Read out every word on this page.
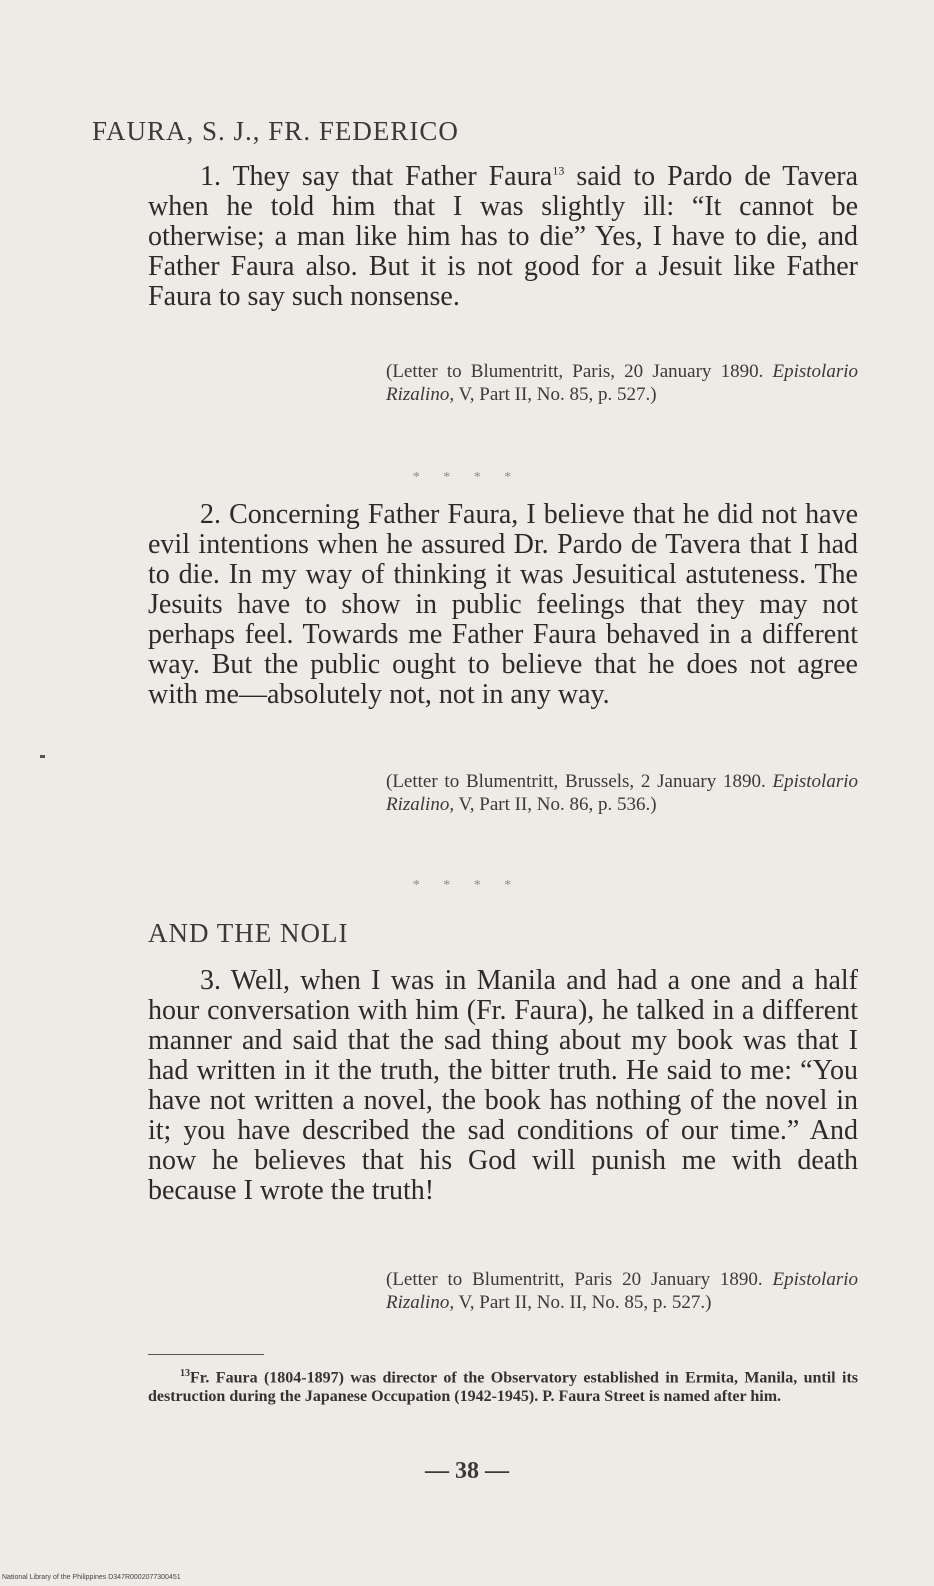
FAURA, S. J., FR. FEDERICO
1. They say that Father Faura$^{13}$ said to Pardo de Tavera when he told him that I was slightly ill: “It cannot be otherwise; a man like him has to die” Yes, I have to die, and Father Faura also. But it is not good for a Jesuit like Father Faura to say such nonsense.
(Letter to Blumentritt, Paris, 20 January 1890. Epistolario Rizalino, V, Part II, No. 85, p. 527.)
* * * *
2. Concerning Father Faura, I believe that he did not have evil intentions when he assured Dr. Pardo de Tavera that I had to die. In my way of thinking it was Jesuitical astuteness. The Jesuits have to show in public feelings that they may not perhaps feel. Towards me Father Faura behaved in a different way. But the public ought to believe that he does not agree with me—absolutely not, not in any way.
(Letter to Blumentritt, Brussels, 2 January 1890. Epistolario Rizalino, V, Part II, No. 86, p. 536.)
* * * *
AND THE NOLI
3. Well, when I was in Manila and had a one and a half hour conversation with him (Fr. Faura), he talked in a different manner and said that the sad thing about my book was that I had written in it the truth, the bitter truth. He said to me: “You have not written a novel, the book has nothing of the novel in it; you have described the sad conditions of our time.” And now he believes that his God will punish me with death because I wrote the truth!
(Letter to Blumentritt, Paris 20 January 1890. Epistolario Rizalino, V, Part II, No. II, No. 85, p. 527.)
$^{13}$Fr. Faura (1804-1897) was director of the Observatory established in Ermita, Manila, until its destruction during the Japanese Occupation (1942-1945). P. Faura Street is named after him.
— 38 —
National Library of the Philippines D347R0002077300451
